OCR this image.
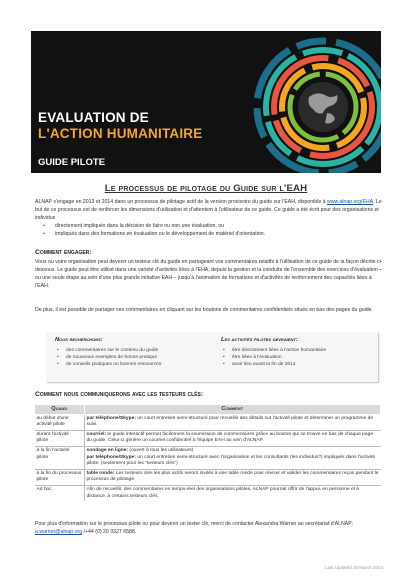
EVALUATION DE
L'ACTION HUMANITAIRE
GUIDE PILOTE
Le processus de pilotage du Guide sur l'EAH
ALNAP s'engage en 2013 et 2014 dans un processus de pilotage actif de la version provisoire du guide sur l'EAH, disponible à www.alnap.org/EHA. Le but de ce processus est de renforcer les dimensions d'utilisation et d'attention à l'utilisateur de ce guide. Ce guide a été écrit pour des organisations et individus
• directement impliqués dans la décision de faire ou non une évaluation, ou
• impliqués dans des formations en évaluation ou le développement de matériel d'orientation.
Comment engager:
Vous ou votre organisation peut devenir un testeur clé du guide en partageant vos commentaires relatifs à l'utilisation de ce guide de la façon décrite ci-dessous. Le guide peut être utilisé dans une variété d'activités liées à l'EHA, depuis la gestion et la conduite de l'ensemble des exercices d'évaluation – ou une seule étape au sein d'une plus grande initiative EAH – jusqu'à l'animation de formations et d'activités de renforcement des capacités liées à l'EAH.
De plus, il est possible de partager ces commentaires en cliquant sur les boutons de commentaires confidentiels situés en bas des pages du guide.
Nous recherchons:
• des commentaires sur le contenu du guide
• de nouveaux exemples de bonne pratique
• de conseils pratiques ou bonnes ressources
Les activités pilotes devraient:
• être directement liées à l'action humanitaire
• être liées à l'évaluation
• avoir lieu avant la fin de 2014
Comment nous communiquerons avec les testeurs clés:
Quand	Comment
au début d'une activité pilote	par téléphone/Skype: un court entretien semi-structuré pour recueillir des détails sur l'activité pilote et déterminer un programme de suivi.
durant l'activité pilote	courriel: le guide interactif permet facilement la soumission de commentaires grâce au bouton qui se trouve en bas de chaque page du guide. Celui-ci génère un courriel confidentiel à l'équipe EAH au sein d'ALNAP.
à la fin l'activité pilote	sondage en ligne: (ouvert à tous les utilisateurs)
par téléphone/Skype: un court entretien semi-structuré avec l'organisation et les consultants (les individus?) impliqués dans l'activité pilote. (seulement pour les "testeurs clés")
à la fin du processus pilote	table ronde: Les testeurs clés les plus actifs seront invités à une table ronde pour réviser et valider les commentaires reçus pendant le processus de pilotage.
Ad hoc	Afin de recueillir, des commentaires en temps-réel des organisations pilotes, ALNAP pourrait offrir de l'appui, en personne et à distance, à certains testeurs clés.
Pour plus d'information sur le processus pilote ou pour devenir un tester clé, merci de contacter Alexandra Warner au secrétariat d'ALNAP: a.warner@alnap.org /+44 (0) 20 3327 6588.
Last Updated 25 March 2014
